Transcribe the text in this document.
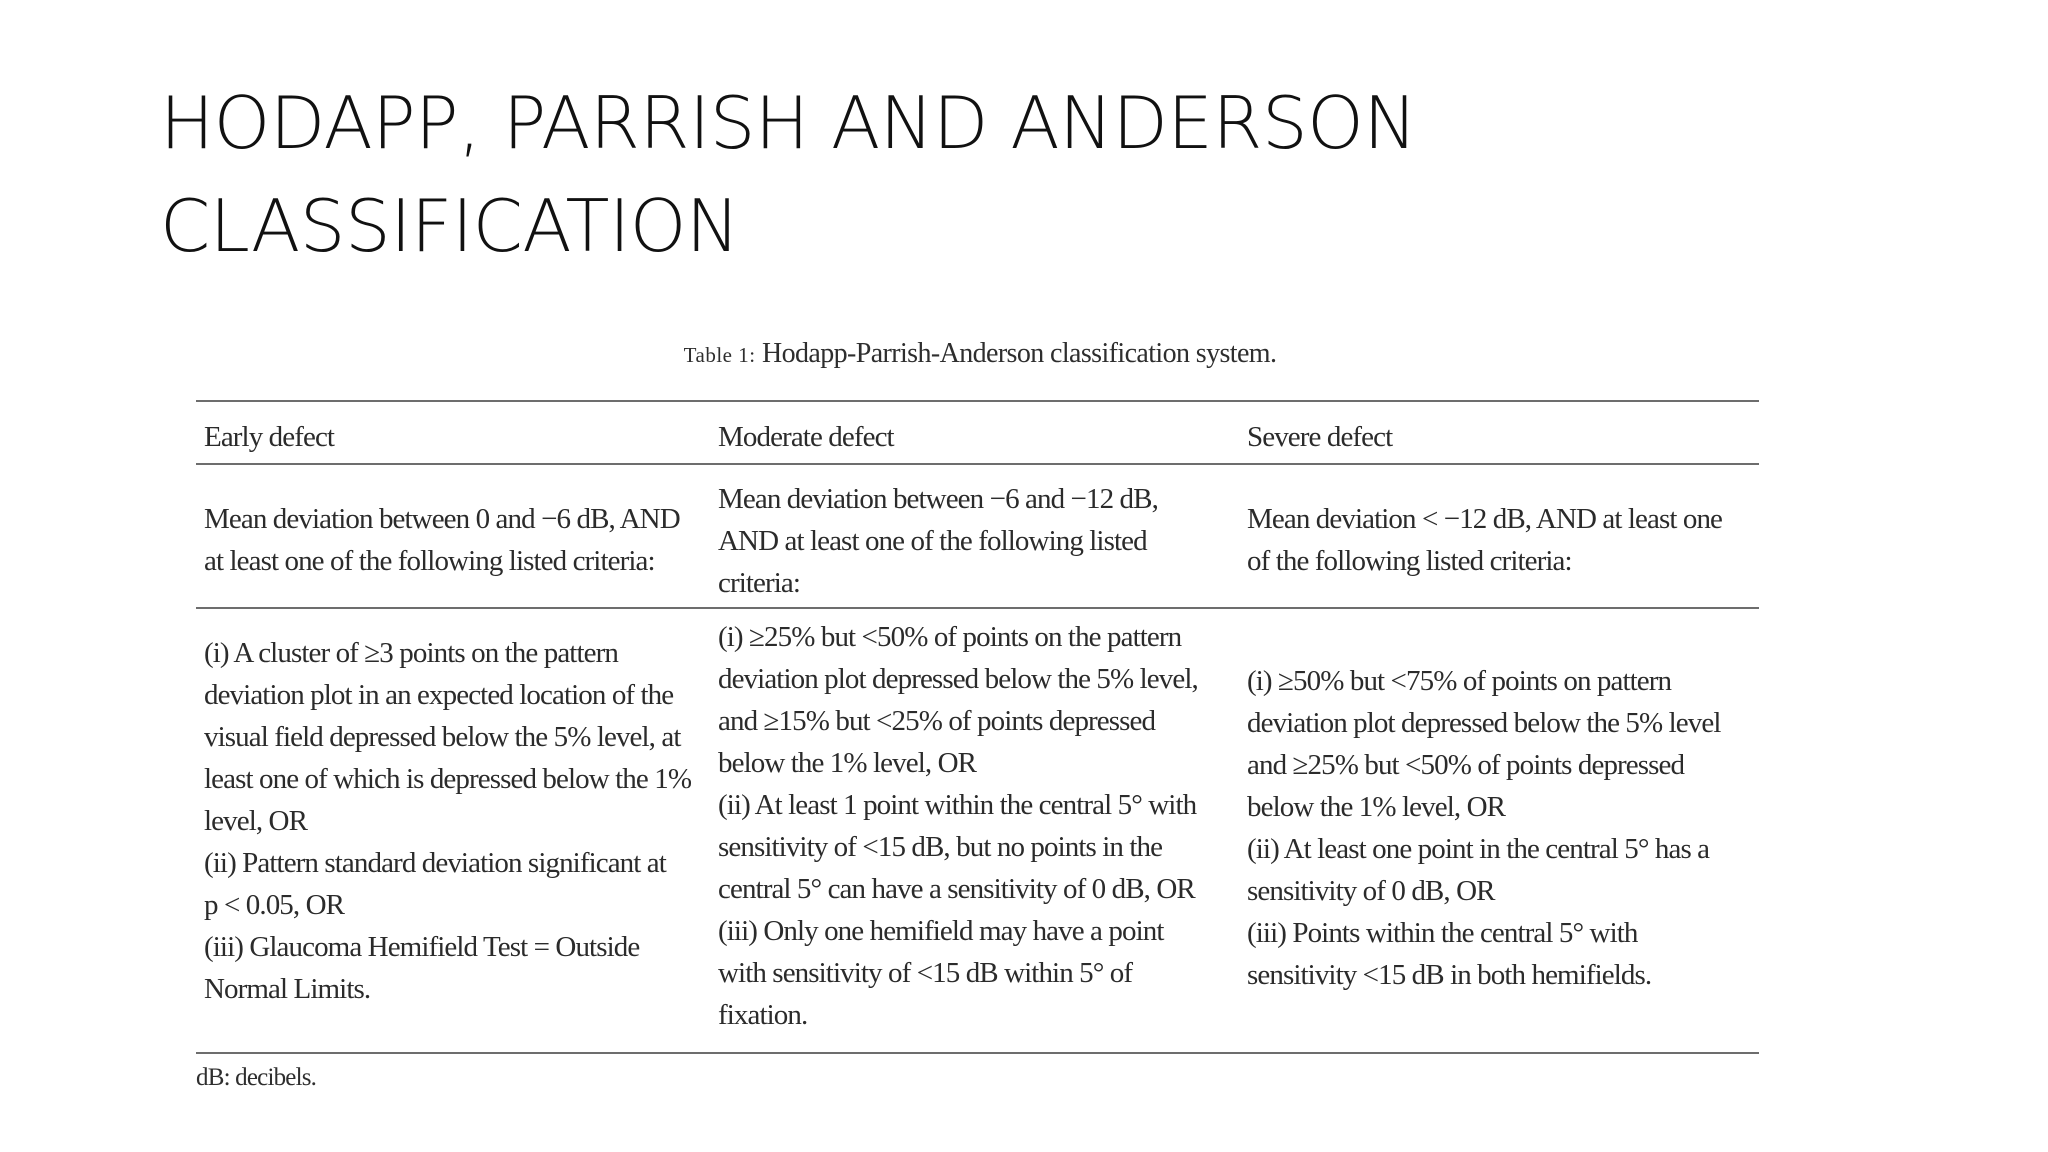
HODAPP, PARRISH AND ANDERSON
CLASSIFICATION
Table 1: Hodapp-Parrish-Anderson classification system.
Early defect	Moderate defect	Severe defect
Mean deviation between 0 and −6 dB, AND
at least one of the following listed criteria:
Mean deviation between −6 and −12 dB,
AND at least one of the following listed
criteria:
Mean deviation < −12 dB, AND at least one
of the following listed criteria:
(i) A cluster of ≥3 points on the pattern
deviation plot in an expected location of the
visual field depressed below the 5% level, at
least one of which is depressed below the 1%
level, OR
(ii) Pattern standard deviation significant at
p < 0.05, OR
(iii) Glaucoma Hemifield Test = Outside
Normal Limits.
(i) ≥25% but <50% of points on the pattern
deviation plot depressed below the 5% level,
and ≥15% but <25% of points depressed
below the 1% level, OR
(ii) At least 1 point within the central 5° with
sensitivity of <15 dB, but no points in the
central 5° can have a sensitivity of 0 dB, OR
(iii) Only one hemifield may have a point
with sensitivity of <15 dB within 5° of
fixation.
(i) ≥50% but <75% of points on pattern
deviation plot depressed below the 5% level
and ≥25% but <50% of points depressed
below the 1% level, OR
(ii) At least one point in the central 5° has a
sensitivity of 0 dB, OR
(iii) Points within the central 5° with
sensitivity <15 dB in both hemifields.
dB: decibels.
